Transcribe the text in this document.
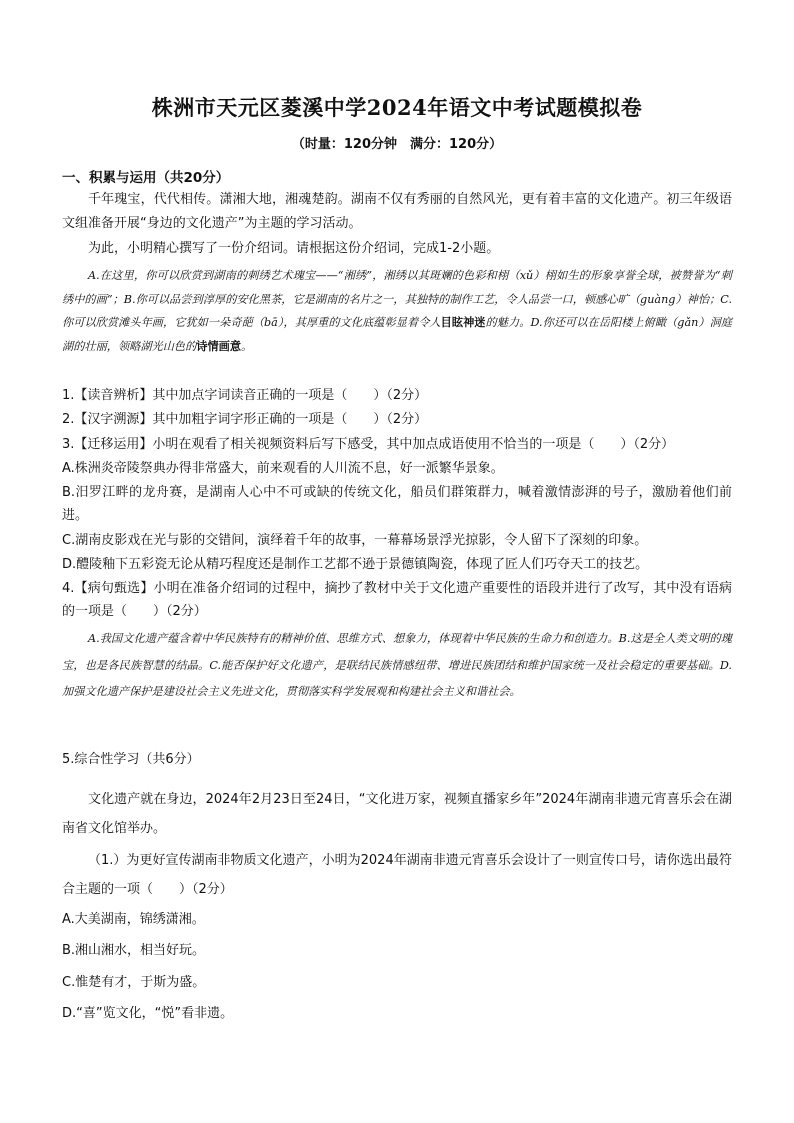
株洲市天元区菱溪中学2024年语文中考试题模拟卷
（时量：120分钟　满分：120分）
一、积累与运用（共20分）
千年瑰宝，代代相传。潇湘大地，湘魂楚韵。湖南不仅有秀丽的自然风光，更有着丰富的文化遗产。初三年级语文组准备开展“身边的文化遗产”为主题的学习活动。
为此，小明精心撰写了一份介绍词。请根据这份介绍词，完成1-2小题。
A.在这里，你可以欣赏到湖南的刺绣艺术瑰宝——“湘绣”，湘绣以其斑斓的色彩和栩（xǔ）栩如生的形象享誉全球，被赞誉为“刺绣中的画”；B.你可以品尝到淳厚的安化黑茶，它是湖南的名片之一，其独特的制作工艺，令人品尝一口，顿感心旷（guàng）神怡；C.你可以欣赏滩头年画，它犹如一朵奇葩（bā），其厚重的文化底蕴彰显着令人目眩神迷的魅力。D.你还可以在岳阳楼上俯瞰（gǎn）洞庭湖的壮丽，领略湖光山色的诗情画意。
1.【读音辨析】其中加点字词读音正确的一项是（　　）（2分）
2.【汉字溯源】其中加粗字词字形正确的一项是（　　）（2分）
3.【迁移运用】小明在观看了相关视频资料后写下感受，其中加点成语使用不恰当的一项是（　　）（2分）
A.株洲炎帝陵祭典办得非常盛大，前来观看的人川流不息，好一派繁华景象。
B.汨罗江畔的龙舟赛，是湖南人心中不可或缺的传统文化，船员们群策群力，喊着激情澎湃的号子，激励着他们前进。
C.湖南皮影戏在光与影的交错间，演绎着千年的故事，一幕幕场景浮光掠影，令人留下了深刻的印象。
D.醴陵釉下五彩瓷无论从精巧程度还是制作工艺都不逊于景德镇陶瓷，体现了匠人们巧夺天工的技艺。
4.【病句甄选】小明在准备介绍词的过程中，摘抄了教材中关于文化遗产重要性的语段并进行了改写，其中没有语病的一项是（　　）（2分）
A.我国文化遗产蕴含着中华民族特有的精神价值、思维方式、想象力，体现着中华民族的生命力和创造力。B.这是全人类文明的瑰宝，也是各民族智慧的结晶。C.能否保护好文化遗产，是联结民族情感纽带、增进民族团结和维护国家统一及社会稳定的重要基础。D.加强文化遗产保护是建设社会主义先进文化，贯彻落实科学发展观和构建社会主义和谐社会。
5.综合性学习（共6分）
文化遗产就在身边，2024年2月23日至24日，“文化进万家，视频直播家乡年”2024年湖南非遗元宵喜乐会在湖南省文化馆举办。
（1.）为更好宣传湖南非物质文化遗产，小明为2024年湖南非遗元宵喜乐会设计了一则宣传口号，请你选出最符合主题的一项（　　）（2分）
A.大美湖南，锦绣潇湘。
B.湘山湘水，相当好玩。
C.惟楚有才，于斯为盛。
D.“喜”览文化，“悦”看非遗。
